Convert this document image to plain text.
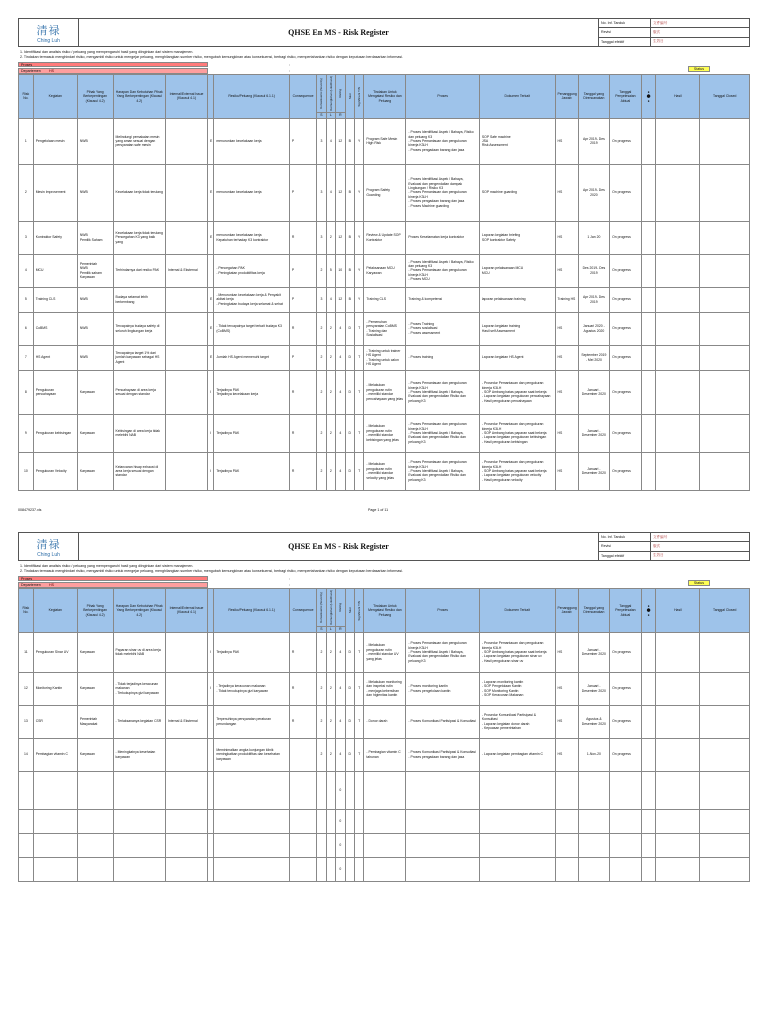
清禄
Ching Luh
QHSE En MS - Risk Register
No. Inf. Tanduk	文件编号
Revisi	版次
Tanggal efektif	生效日
1. Identifikasi dan analisis risiko / peluang yang mempengaruhi hasil yang diinginkan dari sistem manajemen.
2. Tindakan termasuk menghindari risiko, mengambil risiko untuk mengejar peluang, menghilangkan sumber risiko, mengubah kemungkinan atau konsekuensi, berbagi risiko, mempertahankan risiko dengan keputusan berdasarkan informasi.
Proses
Departemen	HS
:
:	Status
Risk No.	Kegiatan	Pihak Yang Berkepentingan (Klausul 4.2)	Harapan Dan Kebutuhan Pihak Yang Berkepentingan (Klausul 4.2)	Internal/External Issue (Klausul 4.1)		Resiko/Peluang (Klausul 6.1.1)	Consequence	Konsekuensi (Severity)	Kemungkinan (Likelihood)	Rating	Skor	Significant Y/N	Tindakan Untuk Mengatasi Resiko dan Peluang	Proses	Dokumen Terkait	Penanggung Jawab	Tanggal yang Direncanakan	Tanggal Penyelesaian Aktual	●
⬤
●	Hasil	Tanggal Closed
								S	L	R											
1	Pengelolaan mesin	NWB	Melindungi pemakaian mesin yang aman sesuai dengan persyaratan safe mesin		E	menurunkan kecelakaan kerja	P	3	4	12	B	Y	Program Safe Mesin High Risk	- Proses Identifikasi Aspek / Bahaya, Risiko dan peluang K3
- Proses Pemantauan dan pengukuran kinerja K3LH
- Proses pengadaan barang dan jasa	SOP Safe machine
JSA
Risk Assessment	HS	Apr 2019- Des 2019	On progress			
2	Mesin Improvement	NWB	Kecelakaan kerja tidak terulang		E	menurunkan kecelakaan kerja	P	3	4	12	B	Y	Program Safety Guarding	- Proses Identifikasi Aspek / Bahaya, Evaluasi dan pengendalian dampak Lingkungan / Risiko K3
- Proses Pemantauan dan pengukuran kinerja K3LH
- Proses pengadaan barang dan jasa
- Proses Machine guarding	SOP machine guarding	HS	Apr 2019- Des 2020	On progress			
3	Kontraktor Safety	NWB
Pemilik Saham	Kecelakaan kerja tidak terulang
Pencegahan K3 yang baik yang		E	menurunkan kecelakaan kerja
Kepatuhan terhadap K3 kontraktor	R	3	2	12	B	Y	Review & Update SOP Kontraktor	Proses Keselamatan kerja kontraktor	Laporan kegiatan briefing
SOP kontraktor Safety	HS	1 Jan 20	On progress			
4	MCU	Pemerintah
NWB
Pemilik saham
Karyawan	Terhindarnya dari resiko PAK	Internal & Eksternal		- Pencegahan PAK
- Peningkatan produktifitas kerja	P	2	5	10	B	Y	Pelaksanaan MCU Karyawan	- Proses Identifikasi Aspek / Bahaya, Risiko dan peluang K3
- Proses Pemantauan dan pengukuran kinerja K3LH
- Proses MCU	Laporan pelaksanaan MCU
MCU	HS	Des 2019- Des 2019	On progress			
5	Training CLS	NWB	Budaya selamat lebih berkembang		E	- Menurunkan kecelakaan kerja & Penyakit akibat kerja
- Peningkatan budaya kerja selamat & sehat	P	3	4	12	B	Y	Training CLS	Training & kompetensi	laporan pelaksanaan training	Training HS	Apr 2019- Des 2019	On progress			
6	CoBMS	NWB	Tercapainya budaya safety di seluruh lingkungan kerja		E	- Tidak tercapainya target terkait budaya K3 (CoBMS)	R	2	2	4	D	T	- Pemenuhan persyaratan CoBMS
- Training dan Sosialisasi	- Proses Training
- Proses sosialisasi
- Proses assessment	Laporan kegiatan training
Hasil self Assessment	HS	Januari 2020 - Agustus 2020	On progress			
7	HS Agent	NWB	Tercapainya target 1% dari jumlah karyawan sebagai HS Agent		E	Jumlah HS Agent memenuhi target	P	2	2	4	D	T	- Training untuk trainer HS Agent
- Training untuk calon HS Agent	- Proses training	Laporan kegiatan HS Agent	HS	September 2019 - Mei 2020	On progress			
8	Pengukuran pencahayaan	Karyawan	Pencahayaan di area kerja sesuai dengan standar		I	Terjadinya PAK
Terjadinya kecelakaan kerja	R	2	2	4	D	T	- Melakukan pengukuran rutin
- memiliki standar pencahayaan yang jelas	- Proses Pemantauan dan pengukuran kinerja K3LH
- Proses Identifikasi Aspek / Bahaya, Evaluasi dan pengendalian Risiko dan peluang K3	- Prosedur Pemantauan dan pengukuran kinerja K3LH
- SOP Ambang batas paparan saat bekerja
- Laporan kegiatan pengukuran pencahayaan
- Hasil pengukuran pencahayaan	HS	Januari - Desember 2020	On progress			
9	Pengukuran kebisingan	Karyawan	Kebisingan di area kerja tidak melebihi NAB		I	Terjadinya PAK	R	2	2	4	D	T	- Melakukan pengukuran rutin
- memiliki standar kebisingan yang jelas	- Proses Pemantauan dan pengukuran kinerja K3LH
- Proses Identifikasi Aspek / Bahaya, Evaluasi dan pengendalian Risiko dan peluang K3	- Prosedur Pemantauan dan pengukuran kinerja K3LH
- SOP Ambang batas paparan saat bekerja
- Laporan kegiatan pengukuran kebisingan
- Hasil pengukuran kebisingan	HS	Januari - Desember 2020	On progress			
10	Pengukuran Velocity	Karyawan	Kelancaran hisap exhaust di area kerja sesuai dengan standar		I	Terjadinya PAK	R	2	2	4	D	T	- Melakukan pengukuran rutin
- memiliki standar velocity yang jelas	- Proses Pemantauan dan pengukuran kinerja K3LH
- Proses Identifikasi Aspek / Bahaya, Evaluasi dan pengendalian Risiko dan peluang K3	- Prosedur Pemantauan dan pengukuran kinerja K3LH
- SOP Ambang batas paparan saat bekerja
- Laporan kegiatan pengukuran velocity
- Hasil pengukuran velocity	HS	Januari - Desember 2020	On progress			
008479237.xls	Page 1 of 11
清禄
Ching Luh
QHSE En MS - Risk Register
No. Inf. Tanduk	文件编号
Revisi	版次
Tanggal efektif	生效日
1. Identifikasi dan analisis risiko / peluang yang mempengaruhi hasil yang diinginkan dari sistem manajemen.
2. Tindakan termasuk menghindari risiko, mengambil risiko untuk mengejar peluang, menghilangkan sumber risiko, mengubah kemungkinan atau konsekuensi, berbagi risiko, mempertahankan risiko dengan keputusan berdasarkan informasi.
Proses
Departemen	HS
:
:	Status
Risk No.	Kegiatan	Pihak Yang Berkepentingan (Klausul 4.2)	Harapan Dan Kebutuhan Pihak Yang Berkepentingan (Klausul 4.2)	Internal/External Issue (Klausul 4.1)		Resiko/Peluang (Klausul 6.1.1)	Consequence	Konsekuensi (Severity)	Kemungkinan (Likelihood)	Rating	Skor	Significant Y/N	Tindakan Untuk Mengatasi Resiko dan Peluang	Proses	Dokumen Terkait	Penanggung Jawab	Tanggal yang Direncanakan	Tanggal Penyelesaian Aktual	●
⬤
●	Hasil	Tanggal Closed
								S	L	R											
11	Pengukuran Sinar UV	Karyawan	Paparan sinar uv di area kerja tidak melebihi NAB		I	Terjadinya PAK	R	2	2	4	D	T	- Melakukan pengukuran rutin
- memiliki standar UV yang jelas	- Proses Pemantauan dan pengukuran kinerja K3LH
- Proses Identifikasi Aspek / Bahaya, Evaluasi dan pengendalian Risiko dan peluang K3	- Prosedur Pemantauan dan pengukuran kinerja K3LH
- SOP Ambang batas paparan saat bekerja
- Laporan kegiatan pengukuran sinar uv
- Hasil pengukuran sinar uv	HS	Januari - Desember 2020	On progress			
12	Monitoring Kantin	Karyawan	- Tidak terjadinya keracunan makanan
- Terkukupinya gizi karyawan		I	- Terjadinya keracunan makanan
- Tidak tercukupinya gizi karyawan	R	2	2	4	D	T	- Melakukan monitoring dan inspeksi rutin
- menjaga kebersihan dan higienitas kantin	- Proses monitoring kantin
- Proses pengelolaan kantin	- Laporan monitoring kantin
- SOP Pengelolaan Kantin
- SOP Monitoring Kantin
- SOP Keracunan Makanan	HS	Januari - Desember 2020	On progress			
13	CSR	Pemerintah Masyarakat	- Terlaksananya kegiatan CSR	Internal & Eksternal		Terpenuhinya persyaratan peraturan perundangan	R	2	2	4	D	T	- Donor darah	- Proses Komunikasi Partisipasi & Konsultasi	- Prosedur Komunikasi Partisipasi & Konsultasi
- Laporan kegiatan donor darah
- Kepuasan pemerintahan	HS	Agustus & Desember 2020	On progress			
14	Pembagian vitamin C	Karyawan	- Meningkatnya kesehatan karyawan			Meminimalkan angka kunjungan klinik meningkatkan produktifitas dan kesehatan karyawan		2	2	4	D	T	- Pembagian vitamin C tahunan	- Proses Komunikasi Partisipasi & Konsultasi
- Proses pengadaan barang dan jasa	- Laporan kegiatan pembagian vitamin C	HS	1-Nov-20	On progress			
										0											
										0											
										0											
										0											
